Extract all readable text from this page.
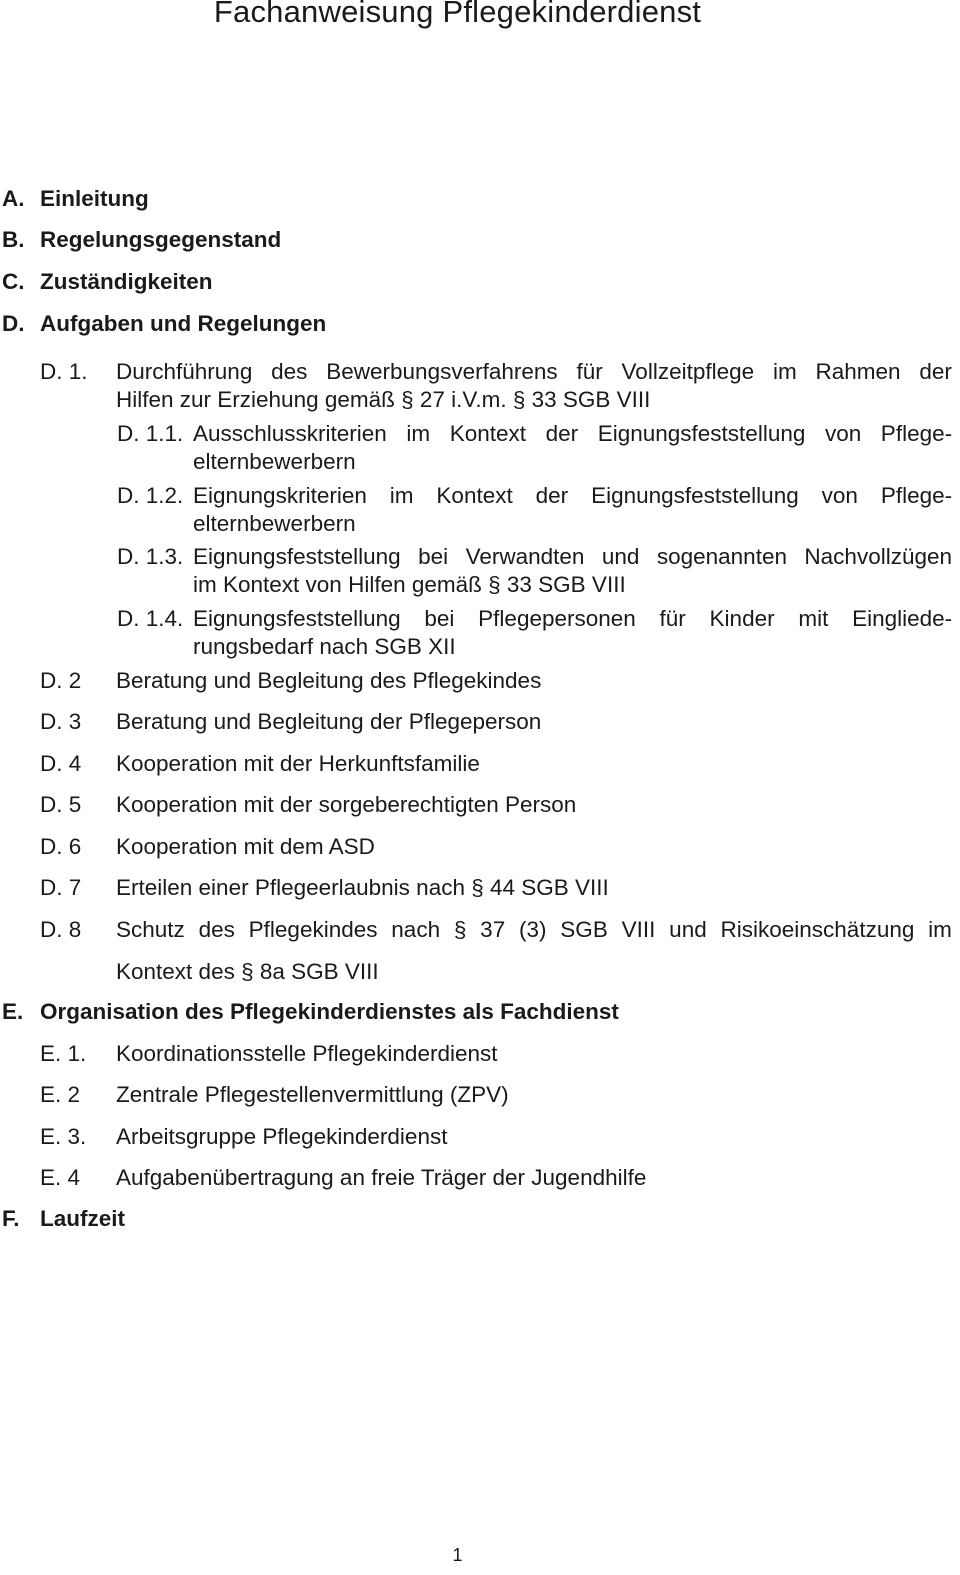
Fachanweisung Pflegekinderdienst
A. Einleitung
B. Regelungsgegenstand
C. Zuständigkeiten
D. Aufgaben und Regelungen
D. 1. Durchführung des Bewerbungsverfahrens für Vollzeitpflege im Rahmen der
Hilfen zur Erziehung gemäß § 27 i.V.m. § 33 SGB VIII
D. 1.1. Ausschlusskriterien im Kontext der Eignungsfeststellung von Pflege-
elternbewerbern
D. 1.2. Eignungskriterien im Kontext der Eignungsfeststellung von Pflege-
elternbewerbern
D. 1.3. Eignungsfeststellung bei Verwandten und sogenannten Nachvollzügen
im Kontext von Hilfen gemäß § 33 SGB VIII
D. 1.4. Eignungsfeststellung bei Pflegepersonen für Kinder mit Eingliede-
rungsbedarf nach SGB XII
D. 2 Beratung und Begleitung des Pflegekindes
D. 3 Beratung und Begleitung der Pflegeperson
D. 4 Kooperation mit der Herkunftsfamilie
D. 5 Kooperation mit der sorgeberechtigten Person
D. 6 Kooperation mit dem ASD
D. 7 Erteilen einer Pflegeerlaubnis nach § 44 SGB VIII
D. 8 Schutz des Pflegekindes nach § 37 (3) SGB VIII und Risikoeinschätzung im
Kontext des § 8a SGB VIII
E. Organisation des Pflegekinderdienstes als Fachdienst
E. 1. Koordinationsstelle Pflegekinderdienst
E. 2 Zentrale Pflegestellenvermittlung (ZPV)
E. 3. Arbeitsgruppe Pflegekinderdienst
E. 4 Aufgabenübertragung an freie Träger der Jugendhilfe
F. Laufzeit
1
